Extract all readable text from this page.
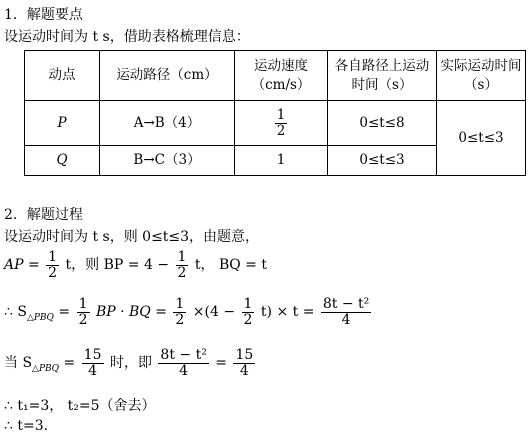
1．解题要点
设运动时间为 t s，借助表格梳理信息：
动点	运动路径（cm）	运动速度（cm/s）	各自路径上运动时间（s）	实际运动时间（s）
P	A→B（4）	$\frac{1}{2}$	0≤t≤8	0≤t≤3
Q	B→C（3）	1	0≤t≤3	
2．解题过程
设运动时间为 t s，则 0≤t≤3，由题意，
AP = $\frac{1}{2}$ t，则 BP = $4 - \frac{1}{2}$ t， BQ = t
∴ $S_{\triangle PBQ} = \frac{1}{2}$ BP · BQ = $\frac{1}{2} \times(4 - \frac{1}{2} t) \times t = \frac{\text{8t − t²}}{4}$
当 $S_{\triangle PBQ} = \frac{15}{4}$ 时，即 $\frac{\text{8t − t²}}{4} = \frac{15}{4}$
∴ t₁=3， t₂=5（舍去）
∴ t=3.
